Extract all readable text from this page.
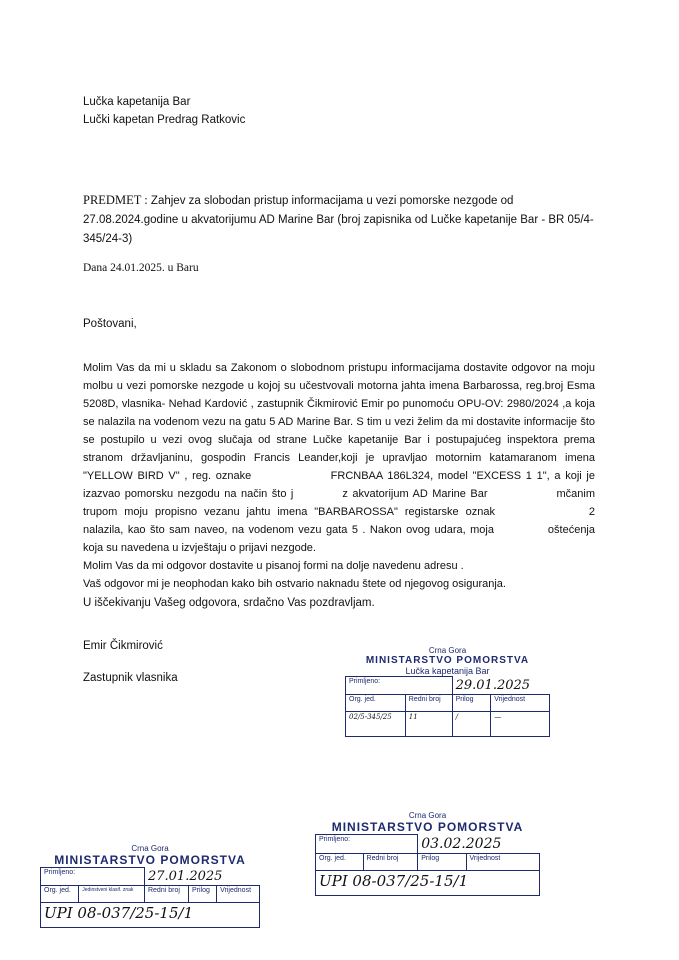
Lučka kapetanija Bar
Lučki kapetan Predrag Ratkovic
PREDMET : Zahjev za slobodan pristup informacijama u vezi pomorske nezgode od 27.08.2024.godine u akvatorijumu AD Marine Bar (broj zapisnika od Lučke kapetanije Bar - BR 05/4-345/24-3)
Dana 24.01.2025. u Baru
Poštovani,

Molim Vas da mi u skladu sa Zakonom o slobodnom pristupu informacijama dostavite odgovor na moju molbu u vezi pomorske nezgode u kojoj su učestvovali motorna jahta imena Barbarossa, reg.broj Esma 5208D, vlasnika- Nehad Kardović , zastupnik Čikmirović Emir po punomoću OPU-OV: 2980/2024 ,a koja se nalazila na vodenom vezu na gatu 5 AD Marine Bar. S tim u vezi želim da mi dostavite informacije što se postupilo u vezi ovog slučaja od strane Lučke kapetanije Bar i postupajućeg inspektora prema stranom državljaninu, gospodin Francis Leander,koji je upravljao motornim katamaranom imena "YELLOW BIRD V" , reg. oznake	FRCNBAA 186L324, model "EXCESS 1 1", a koji je izazvao pomorsku nezgodu na način što j	z akvatorijum AD Marine Bar	mčanim trupom moju propisno vezanu jahtu imena "BARBAROSSA" registarske oznak	2 nalazila, kao što sam naveo, na vodenom vezu gata 5 . Nakon ovog udara, moja	oštećenja koja su navedena u izvještaju o prijavi nezgode.

Molim Vas da mi odgovor dostavite u pisanoj formi na dolje navedenu adresu .

Vaš odgovor mi je neophodan kako bih ostvario naknadu štete od njegovog osiguranja.

U iščekivanju Vašeg odgovora, srdačno Vas pozdravljam.
Emir Čikmirović
Zastupnik vlasnika
Crna Gora
MINISTARSTVO POMORSTVA
Lučka kapetanija Bar
Primljeno:		29.01.2025	
Org. jed.	Redni broj	Prilog	Vrijednost
02/5-345/25	11	/	—
Crna Gora
MINISTARSTVO POMORSTVA
Primljeno:		03.02.2025	
Org. jed.	Redni broj	Prilog	Vrijednost
UPI 08-037/25-15/1			
Crna Gora
MINISTARSTVO POMORSTVA
Primljeno:		27.01.2025		
Org. jed.	Jedinstveni klasif. znak	Redni broj	Prilog	Vrijednost
UPI 08-037/25-15/1				
